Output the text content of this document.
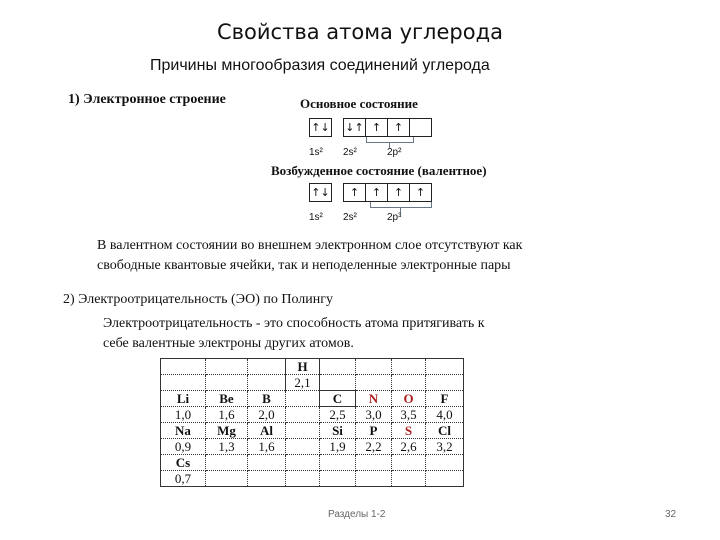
Свойства атома углерода
Причины многообразия соединений углерода
1) Электронное строение	Основное состояние
↑↓ ↓↑ ↑	↑
1s² 2s²	2p²
Возбужденное состояние (валентное)
↑↓	↑	↑	↑	↑
1s² 2s²	2p³

В валентном состоянии во внешнем электронном слое отсутствуют как

свободные квантовые ячейки, так и неподеленные электронные пары

2) Электроотрицательность (ЭО) по Полингу

Электроотрицательность - это способность атома притягивать к

себе валентные электроны других атомов.

			H				
			2,1				
Li	Be	B		C	N	O	F
1,0	1,6	2,0		2,5	3,0	3,5	4,0
Na	Mg	Al		Si	P	S	Cl
0,9	1,3	1,6		1,9	2,2	2,6	3,2
Cs							
0,7							
Разделы 1-2	32
